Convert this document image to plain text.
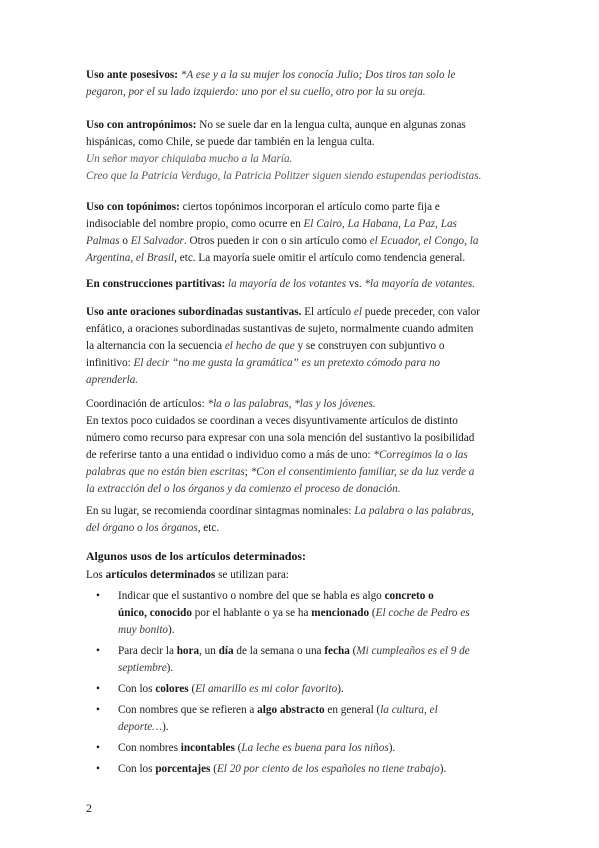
Uso ante posesivos: *A ese y a la su mujer los conocía Julio; Dos tiros tan solo le
pegaron, por el su lado izquierdo: uno por el su cuello, otro por la su oreja.

Uso con antropónimos: No se suele dar en la lengua culta, aunque en algunas zonas
hispánicas, como Chile, se puede dar también en la lengua culta.
Un señor mayor chiquiaba mucho a la María.
Creo que la Patricia Verdugo, la Patricia Politzer siguen siendo estupendas periodistas.

Uso con topónimos: ciertos topónimos incorporan el artículo como parte fija e
indisociable del nombre propio, como ocurre en El Cairo, La Habana, La Paz, Las
Palmas o El Salvador. Otros pueden ir con o sin artículo como el Ecuador, el Congo, la
Argentina, el Brasil, etc. La mayoría suele omitir el artículo como tendencia general.

En construcciones partitivas: la mayoría de los votantes vs. *la mayoría de votantes.

Uso ante oraciones subordinadas sustantivas. El artículo el puede preceder, con valor
enfático, a oraciones subordinadas sustantivas de sujeto, normalmente cuando admiten
la alternancia con la secuencia el hecho de que y se construyen con subjuntivo o
infinitivo: El decir “no me gusta la gramática” es un pretexto cómodo para no
aprenderla.

Coordinación de artículos: *la o las palabras, *las y los jóvenes.
En textos poco cuidados se coordinan a veces disyuntivamente artículos de distinto
número como recurso para expresar con una sola mención del sustantivo la posibilidad
de referirse tanto a una entidad o individuo como a más de uno: *Corregimos la o las
palabras que no están bien escritas; *Con el consentimiento familiar, se da luz verde a
la extracción del o los órganos y da comienzo el proceso de donación.

En su lugar, se recomienda coordinar sintagmas nominales: La palabra o las palabras,
del órgano o los órganos, etc.

Algunos usos de los artículos determinados:

Los artículos determinados se utilizan para:

• Indicar que el sustantivo o nombre del que se habla es algo concreto o
único, conocido por el hablante o ya se ha mencionado (El coche de Pedro es
muy bonito).
• Para decir la hora, un día de la semana o una fecha (Mi cumpleaños es el 9 de
septiembre).
• Con los colores (El amarillo es mi color favorito).
• Con nombres que se refieren a algo abstracto en general (la cultura, el
deporte…).
• Con nombres incontables (La leche es buena para los niños).
• Con los porcentajes (El 20 por ciento de los españoles no tiene trabajo).
2
